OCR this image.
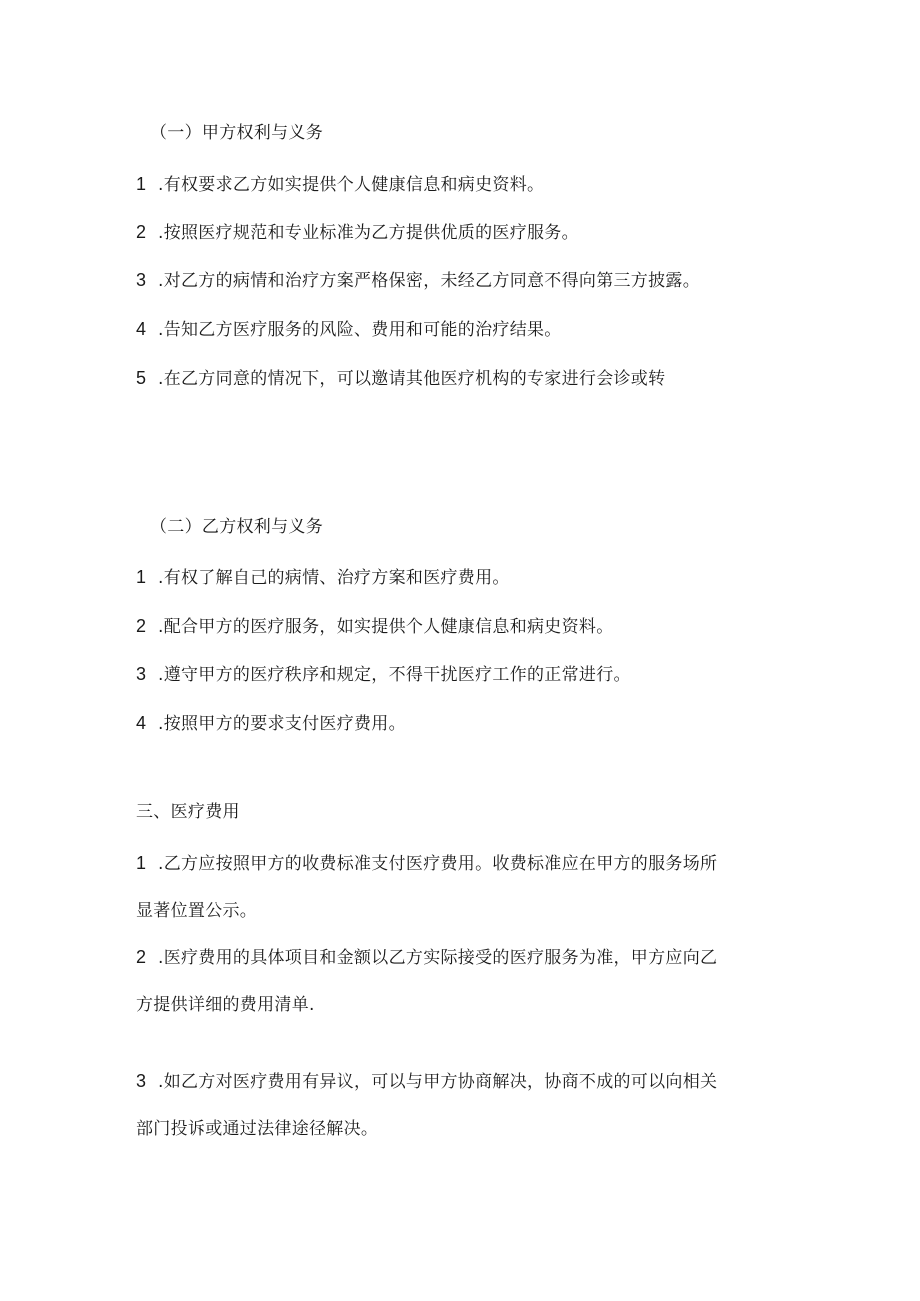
（一）甲方权利与义务
1 .有权要求乙方如实提供个人健康信息和病史资料。
2 .按照医疗规范和专业标准为乙方提供优质的医疗服务。
3 .对乙方的病情和治疗方案严格保密，未经乙方同意不得向第三方披露。
4 .告知乙方医疗服务的风险、费用和可能的治疗结果。
5 .在乙方同意的情况下，可以邀请其他医疗机构的专家进行会诊或转
（二）乙方权利与义务
1 .有权了解自己的病情、治疗方案和医疗费用。
2 .配合甲方的医疗服务，如实提供个人健康信息和病史资料。
3 .遵守甲方的医疗秩序和规定，不得干扰医疗工作的正常进行。
4 .按照甲方的要求支付医疗费用。
三、医疗费用
1 .乙方应按照甲方的收费标准支付医疗费用。收费标准应在甲方的服务场所
显著位置公示。
2 .医疗费用的具体项目和金额以乙方实际接受的医疗服务为准，甲方应向乙
方提供详细的费用清单.
3 .如乙方对医疗费用有异议，可以与甲方协商解决，协商不成的可以向相关
部门投诉或通过法律途径解决。
